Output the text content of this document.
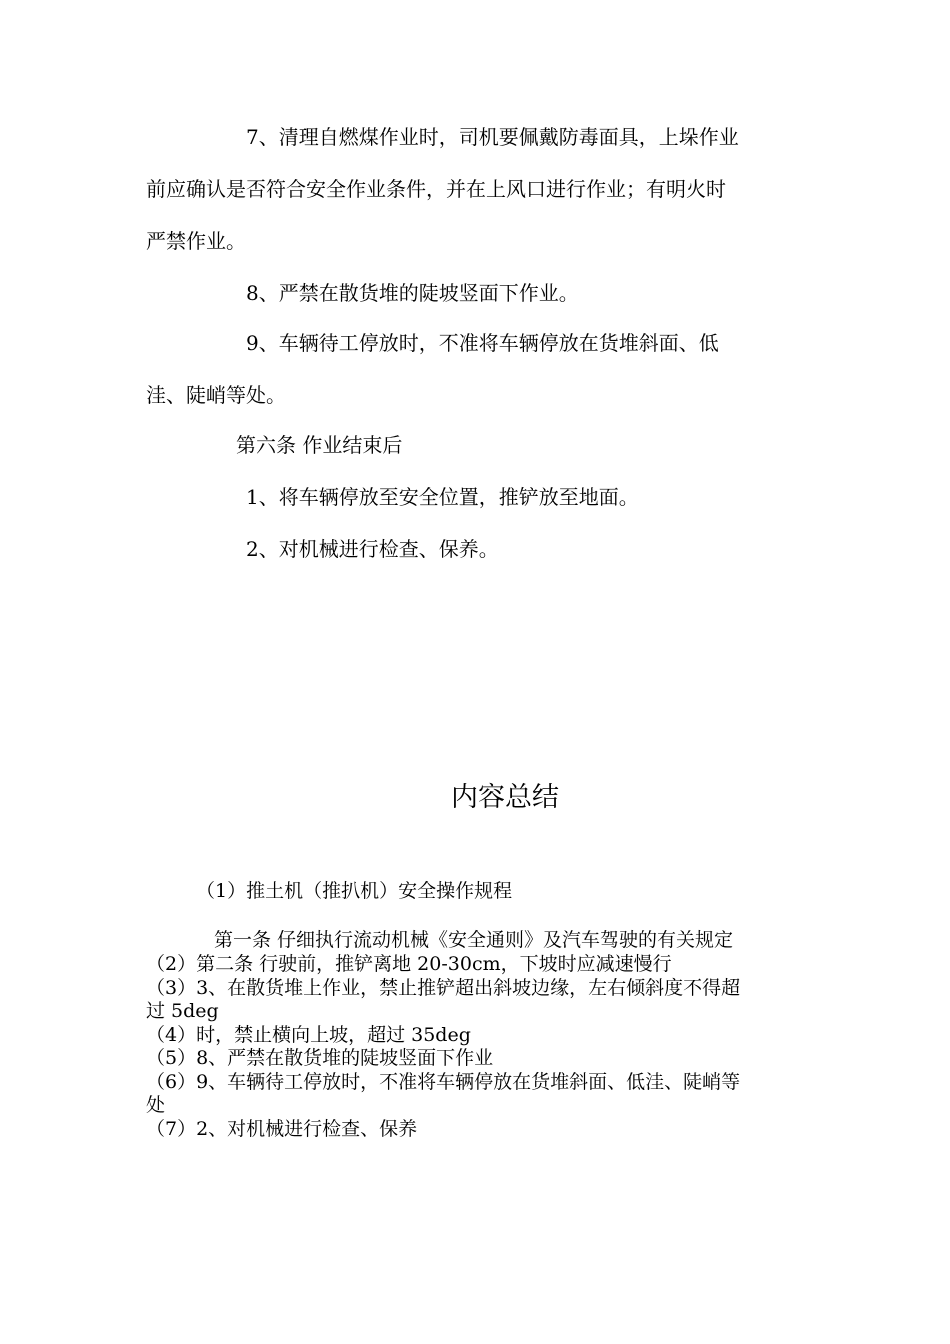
7、清理自燃煤作业时，司机要佩戴防毒面具，上垛作业
前应确认是否符合安全作业条件，并在上风口进行作业；有明火时
严禁作业。
8、严禁在散货堆的陡坡竖面下作业。
9、车辆待工停放时，不准将车辆停放在货堆斜面、低
洼、陡峭等处。
第六条 作业结束后
1、将车辆停放至安全位置，推铲放至地面。
2、对机械进行检查、保养。
内容总结
（1）推土机（推扒机）安全操作规程
第一条 仔细执行流动机械《安全通则》及汽车驾驶的有关规定
（2）第二条 行驶前，推铲离地 20-30cm，下坡时应减速慢行
（3）3、在散货堆上作业，禁止推铲超出斜坡边缘，左右倾斜度不得超
过 5deg
（4）时，禁止横向上坡，超过 35deg
（5）8、严禁在散货堆的陡坡竖面下作业
（6）9、车辆待工停放时，不准将车辆停放在货堆斜面、低洼、陡峭等
处
（7）2、对机械进行检查、保养
